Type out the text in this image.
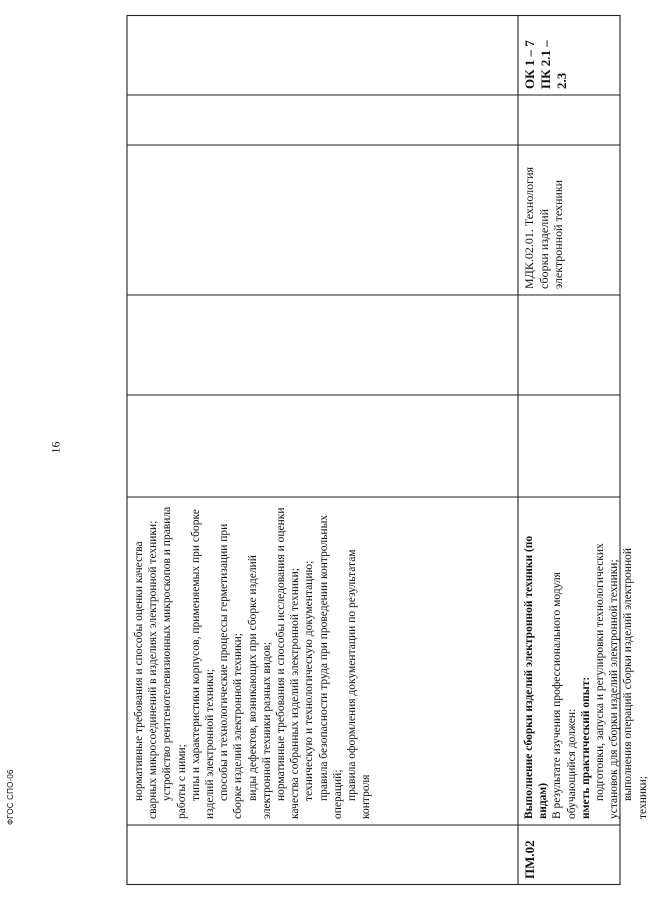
16

нормативные требования и способы оценки качества сварных микросоединений в изделиях электронной техники; устройство рентгенотелевизионных микроскопов и правила работы с ними; типы и характеристики корпусов, применяемых при сборке изделий электронной техники; способы и технологические процессы герметизации при сборке изделий электронной техники; виды дефектов, возникающих при сборке изделий электронной техники разных видов; нормативные требования и способы исследования и оценки качества собранных изделий электронной техники; техническую и технологическую документацию; правила безопасности труда при проведении контрольных операций; правила оформления документации по результатам контроля

ПМ.02

Выполнение сборки изделий электронной техники (по видам) В результате изучения профессионального модуля обучающийся должен: иметь практический опыт: подготовки, запуска и регулировки технологических установок для сборки изделий электронной техники; выполнения операций сборки изделий электронной техники;

МДК.02.01. Технология сборки изделий электронной техники

ОК 1 – 7 ПК 2.1 – 2.3

ФГОС СПО-06
